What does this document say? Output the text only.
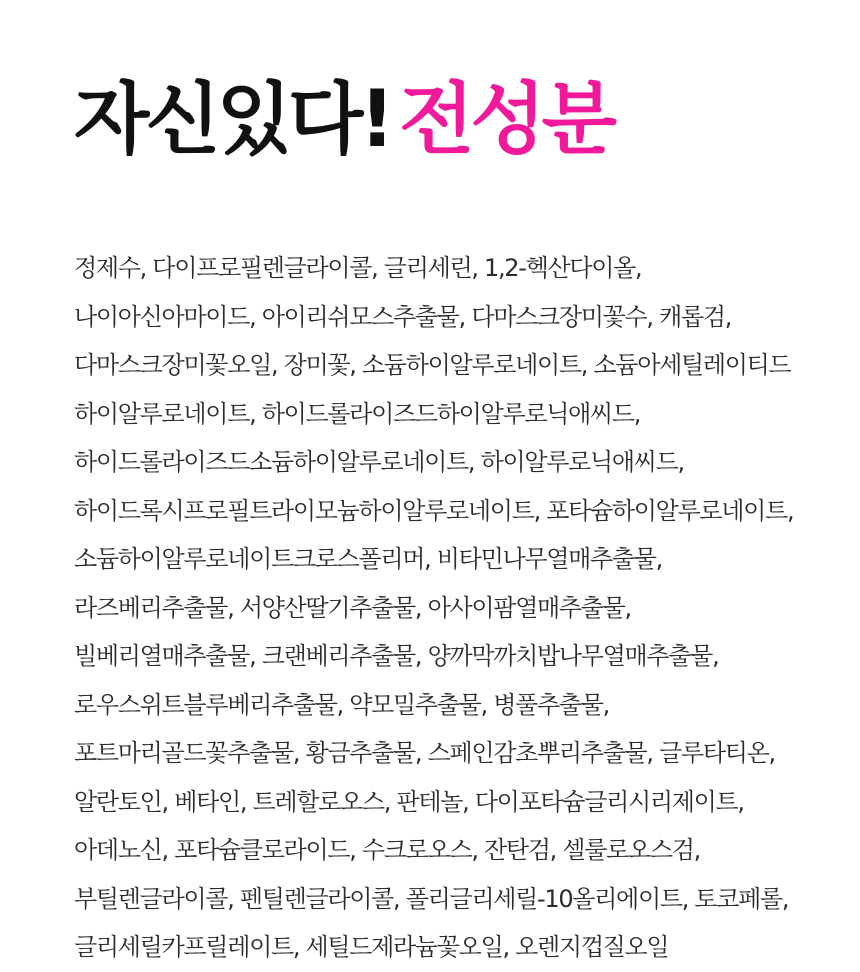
자신있다! 전성분
정제수, 다이프로필렌글라이콜, 글리세린, 1,2-헥산다이올,
나이아신아마이드, 아이리쉬모스추출물, 다마스크장미꽃수, 캐롭검,
다마스크장미꽃오일, 장미꽃, 소듐하이알루로네이트, 소듐아세틸레이티드
하이알루로네이트, 하이드롤라이즈드하이알루로닉애씨드,
하이드롤라이즈드소듐하이알루로네이트, 하이알루로닉애씨드,
하이드록시프로필트라이모늄하이알루로네이트, 포타슘하이알루로네이트,
소듐하이알루로네이트크로스폴리머, 비타민나무열매추출물,
라즈베리추출물, 서양산딸기추출물, 아사이팜열매추출물,
빌베리열매추출물, 크랜베리추출물, 양까막까치밥나무열매추출물,
로우스위트블루베리추출물, 약모밀추출물, 병풀추출물,
포트마리골드꽃추출물, 황금추출물, 스페인감초뿌리추출물, 글루타티온,
알란토인, 베타인, 트레할로오스, 판테놀, 다이포타슘글리시리제이트,
아데노신, 포타슘클로라이드, 수크로오스, 잔탄검, 셀룰로오스검,
부틸렌글라이콜, 펜틸렌글라이콜, 폴리글리세릴-10올리에이트, 토코페롤,
글리세릴카프릴레이트, 세틸드제라늄꽃오일, 오렌지껍질오일
